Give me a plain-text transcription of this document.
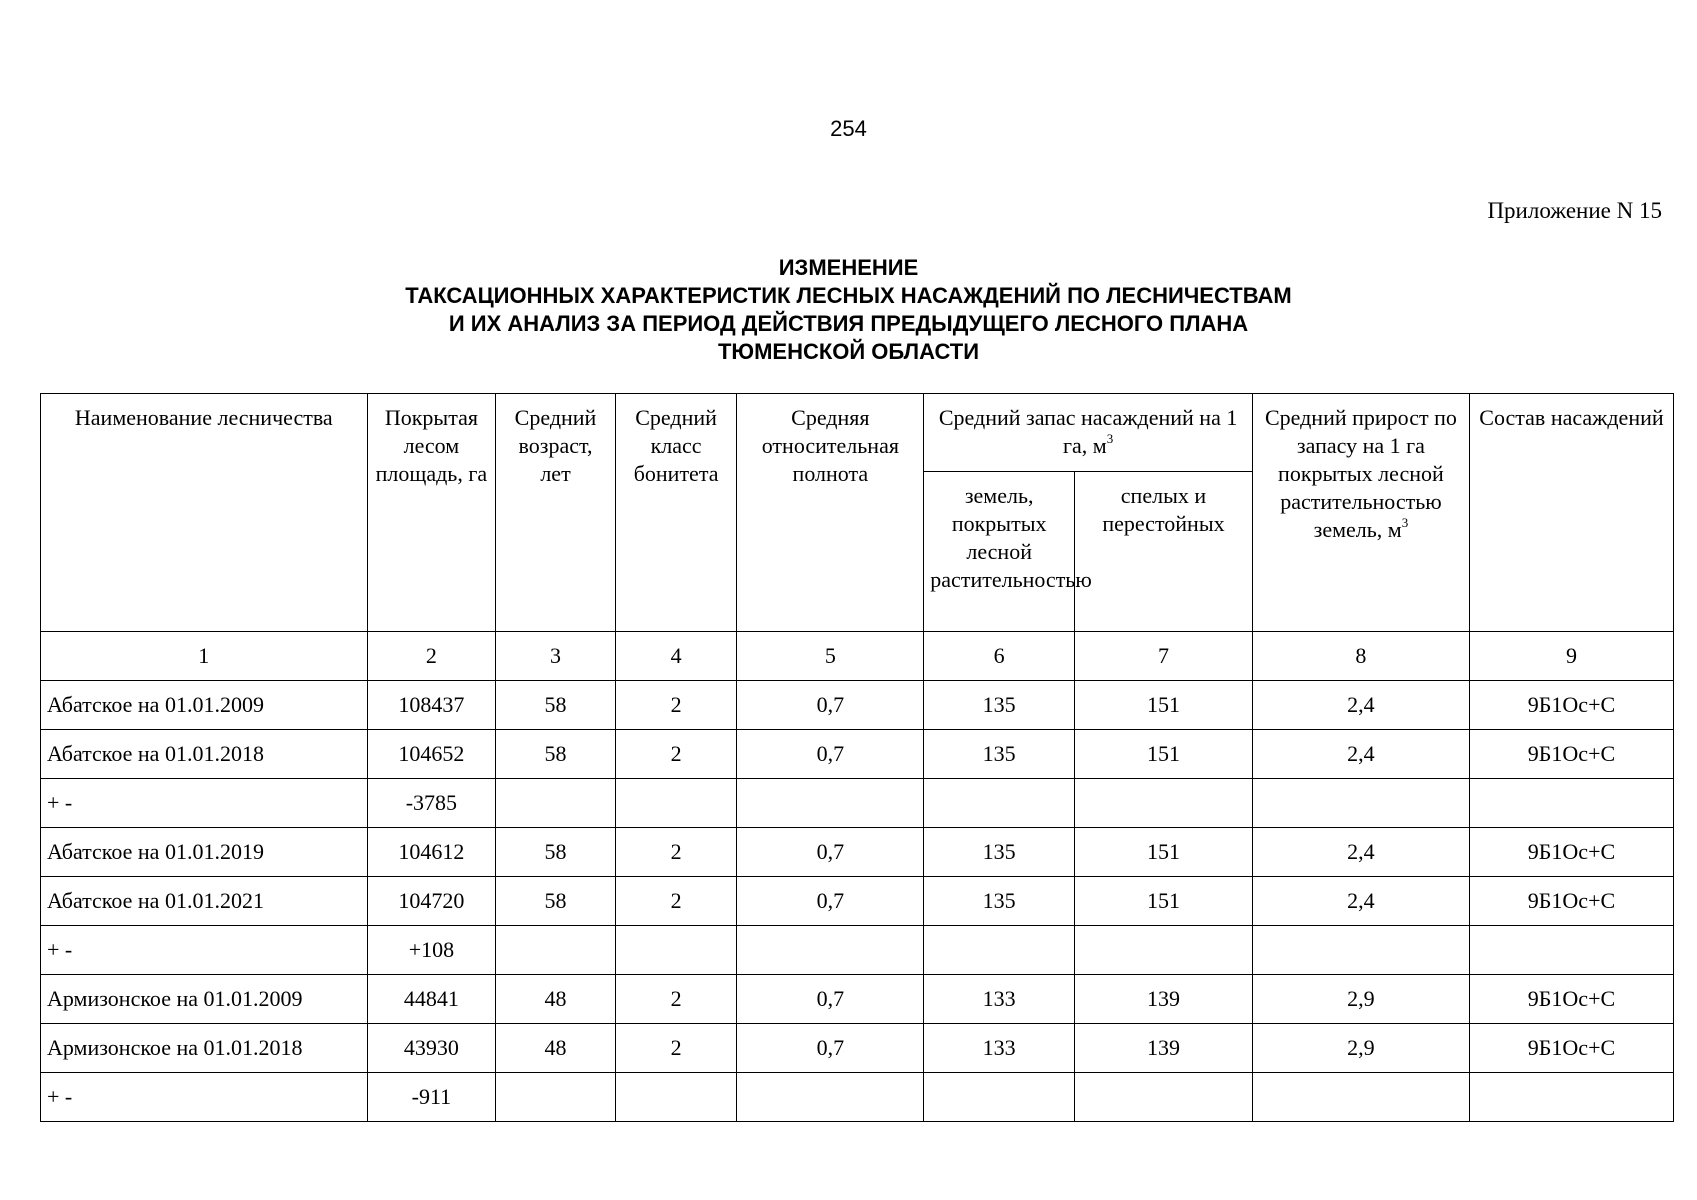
254
Приложение N 15
ИЗМЕНЕНИЕ
ТАКСАЦИОННЫХ ХАРАКТЕРИСТИК ЛЕСНЫХ НАСАЖДЕНИЙ ПО ЛЕСНИЧЕСТВАМ
И ИХ АНАЛИЗ ЗА ПЕРИОД ДЕЙСТВИЯ ПРЕДЫДУЩЕГО ЛЕСНОГО ПЛАНА
ТЮМЕНСКОЙ ОБЛАСТИ
Наименование лесничества	Покрытая лесом площадь, га	Средний возраст, лет	Средний класс бонитета	Средняя относительная полнота	Средний запас насаждений на 1 га, $м^3$		Средний прирост по запасу на 1 га покрытых лесной растительностью земель, $м^3$	Состав насаждений
					земель, покрытых лесной растительностью	спелых и перестойных		
1	2	3	4	5	6	7	8	9
Абатское на 01.01.2009	108437	58	2	0,7	135	151	2,4	9Б1Ос+С
Абатское на 01.01.2018	104652	58	2	0,7	135	151	2,4	9Б1Ос+С
+ -	-3785							
Абатское на 01.01.2019	104612	58	2	0,7	135	151	2,4	9Б1Ос+С
Абатское на 01.01.2021	104720	58	2	0,7	135	151	2,4	9Б1Ос+С
+ -	+108							
Армизонское на 01.01.2009	44841	48	2	0,7	133	139	2,9	9Б1Ос+С
Армизонское на 01.01.2018	43930	48	2	0,7	133	139	2,9	9Б1Ос+С
+ -	-911							
